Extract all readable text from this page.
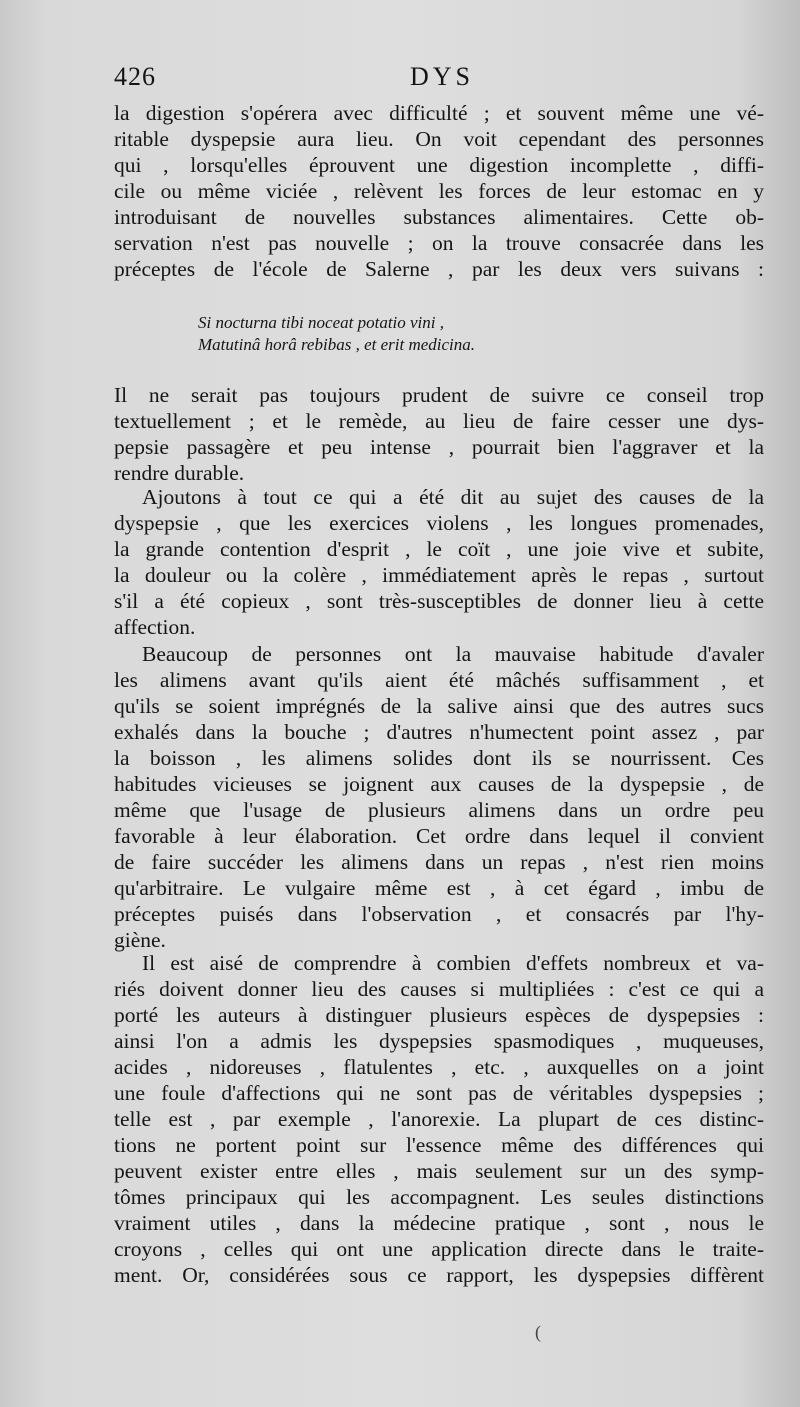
426	DYS
la digestion s'opérera avec difficulté ; et souvent même une vé-
ritable dyspepsie aura lieu. On voit cependant des personnes
qui , lorsqu'elles éprouvent une digestion incomplette , diffi-
cile ou même viciée , relèvent les forces de leur estomac en y
introduisant de nouvelles substances alimentaires. Cette ob-
servation n'est pas nouvelle ; on la trouve consacrée dans les
préceptes de l'école de Salerne , par les deux vers suivans :
Si nocturna tibi noceat potatio vini ,
Matutinâ horâ rebibas , et erit medicina.
Il ne serait pas toujours prudent de suivre ce conseil trop
textuellement ; et le remède, au lieu de faire cesser une dys-
pepsie passagère et peu intense , pourrait bien l'aggraver et la
rendre durable.
Ajoutons à tout ce qui a été dit au sujet des causes de la
dyspepsie , que les exercices violens , les longues promenades,
la grande contention d'esprit , le coït , une joie vive et subite,
la douleur ou la colère , immédiatement après le repas , surtout
s'il a été copieux , sont très-susceptibles de donner lieu à cette
affection.
Beaucoup de personnes ont la mauvaise habitude d'avaler
les alimens avant qu'ils aient été mâchés suffisamment , et
qu'ils se soient imprégnés de la salive ainsi que des autres sucs
exhalés dans la bouche ; d'autres n'humectent point assez , par
la boisson , les alimens solides dont ils se nourrissent. Ces
habitudes vicieuses se joignent aux causes de la dyspepsie , de
même que l'usage de plusieurs alimens dans un ordre peu
favorable à leur élaboration. Cet ordre dans lequel il convient
de faire succéder les alimens dans un repas , n'est rien moins
qu'arbitraire. Le vulgaire même est , à cet égard , imbu de
préceptes puisés dans l'observation , et consacrés par l'hy-
giène.
Il est aisé de comprendre à combien d'effets nombreux et va-
riés doivent donner lieu des causes si multipliées : c'est ce qui a
porté les auteurs à distinguer plusieurs espèces de dyspepsies :
ainsi l'on a admis les dyspepsies spasmodiques , muqueuses,
acides , nidoreuses , flatulentes , etc. , auxquelles on a joint
une foule d'affections qui ne sont pas de véritables dyspepsies ;
telle est , par exemple , l'anorexie. La plupart de ces distinc-
tions ne portent point sur l'essence même des différences qui
peuvent exister entre elles , mais seulement sur un des symp-
tômes principaux qui les accompagnent. Les seules distinctions
vraiment utiles , dans la médecine pratique , sont , nous le
croyons , celles qui ont une application directe dans le traite-
ment. Or, considérées sous ce rapport, les dyspepsies diffèrent
(
